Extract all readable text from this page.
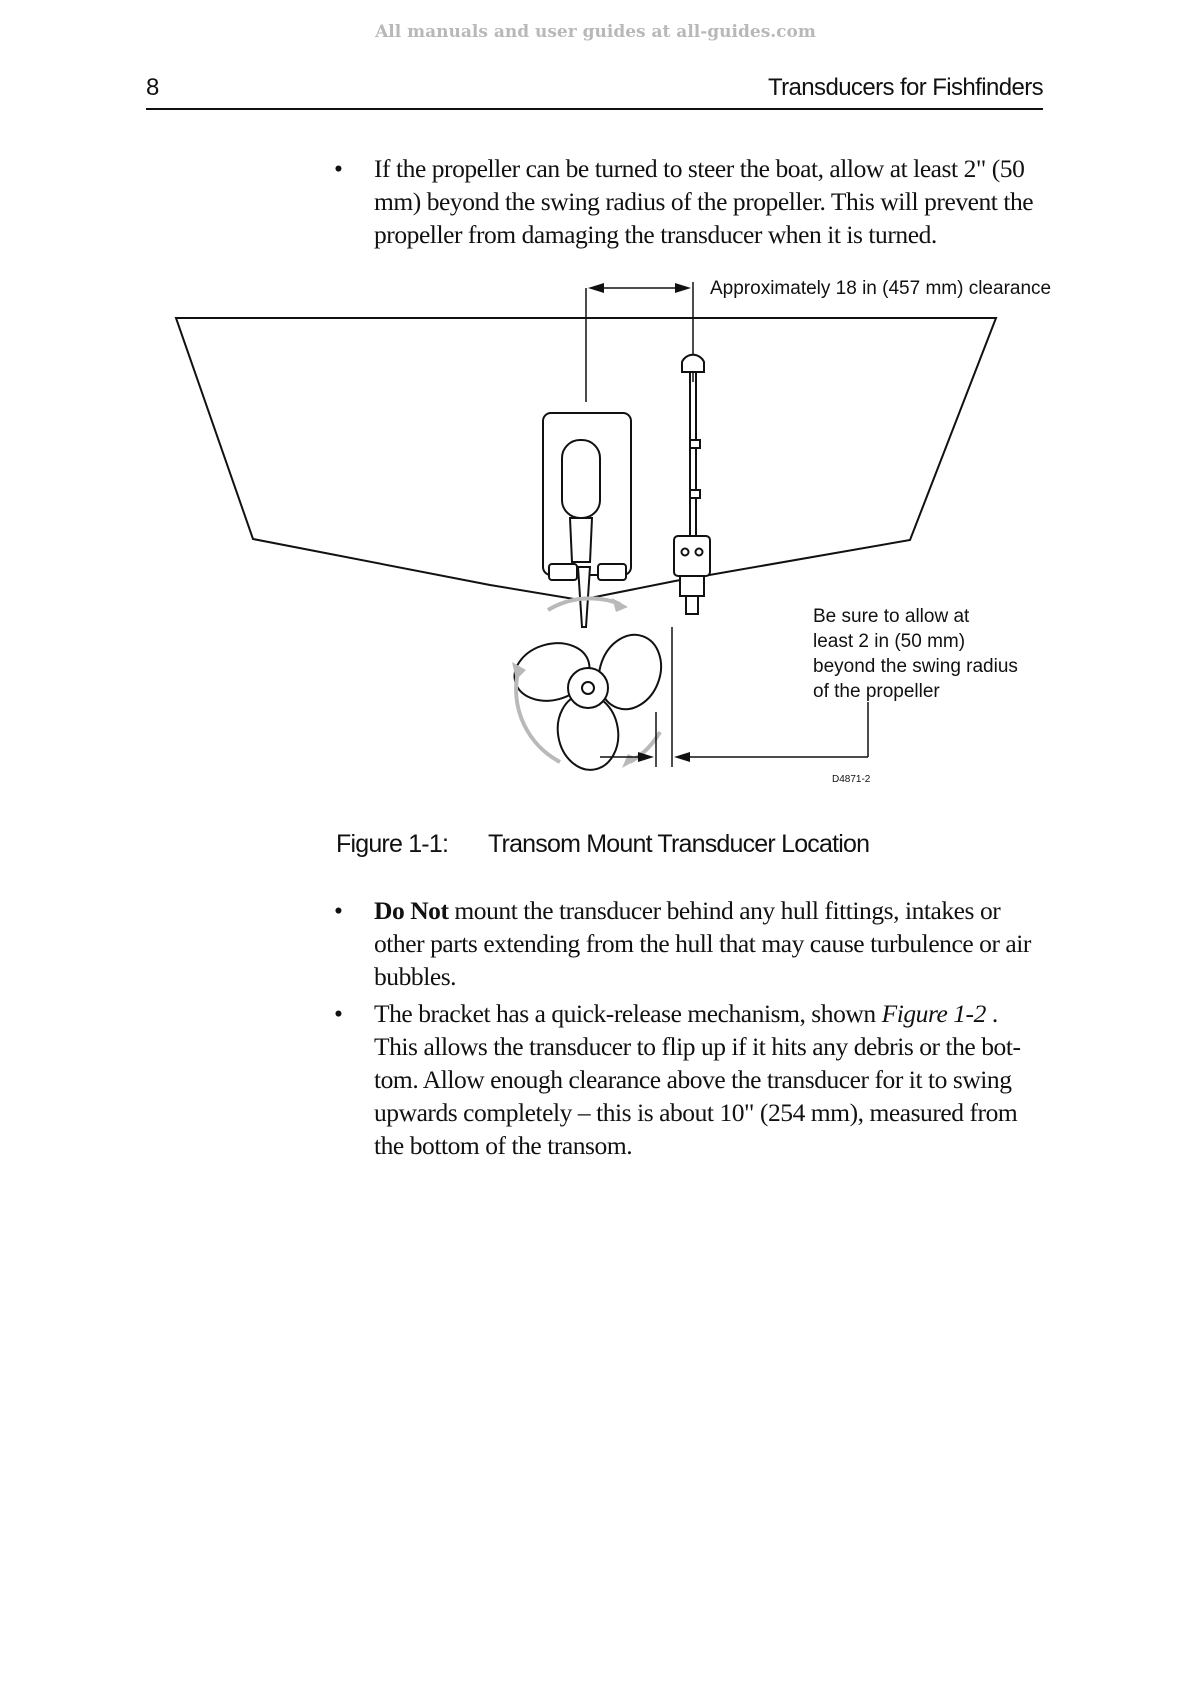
All manuals and user guides at all-guides.com
8	Transducers for Fishfinders

• If the propeller can be turned to steer the boat, allow at least 2" (50 mm) beyond the swing radius of the propeller. This will prevent the propeller from damaging the transducer when it is turned.

Approximately 18 in (457 mm) clearance
Be sure to allow at
least 2 in (50 mm)
beyond the swing radius
of the propeller
D4871-2
Figure 1-1: Transom Mount Transducer Location

• Do Not mount the transducer behind any hull fittings, intakes or other parts extending from the hull that may cause turbulence or air bubbles.

• The bracket has a quick-release mechanism, shown Figure 1-2 . This allows the transducer to flip up if it hits any debris or the bot-tom. Allow enough clearance above the transducer for it to swing upwards completely – this is about 10" (254 mm), measured from the bottom of the transom.
